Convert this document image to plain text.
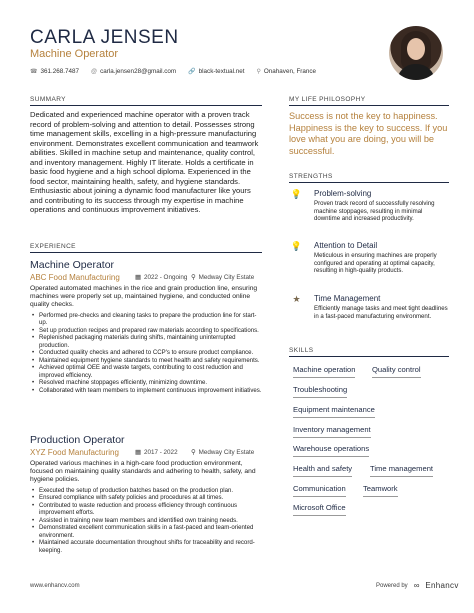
CARLA JENSEN
Machine Operator
☎ 361.268.7487 @ carla.jensen28@gmail.com 🔗 black-textual.net ⚲ Onahaven, France
SUMMARY
Dedicated and experienced machine operator with a proven track record of problem-solving and attention to detail. Possesses strong time management skills, excelling in a high-pressure manufacturing environment. Demonstrates excellent communication and teamwork abilities. Skilled in machine setup and maintenance, quality control, and inventory management. Highly IT literate. Holds a certificate in basic food hygiene and a high school diploma. Experienced in the food sector, maintaining health, safety, and hygiene standards. Enthusiastic about joining a dynamic food manufacturer like yours and contributing to its success through my expertise in machine operations and continuous improvement initiatives.
EXPERIENCE
Machine Operator
ABC Food Manufacturing	▦ 2022 - Ongoing ⚲ Medway City Estate
Operated automated machines in the rice and grain production line, ensuring machines were properly set up, maintained hygiene, and conducted online quality checks.
• Performed pre-checks and cleaning tasks to prepare the production line for start-up.
• Set up production recipes and prepared raw materials according to specifications.
• Replenished packaging materials during shifts, maintaining uninterrupted production.
• Conducted quality checks and adhered to CCP's to ensure product compliance.
• Maintained equipment hygiene standards to meet health and safety requirements.
• Achieved optimal OEE and waste targets, contributing to cost reduction and improved efficiency.
• Resolved machine stoppages efficiently, minimizing downtime.
• Collaborated with team members to implement continuous improvement initiatives.
Production Operator
XYZ Food Manufacturing	▦ 2017 - 2022 ⚲ Medway City Estate
Operated various machines in a high-care food production environment, focused on maintaining quality standards and adhering to health, safety, and hygiene policies.
• Executed the setup of production batches based on the production plan.
• Ensured compliance with safety policies and procedures at all times.
• Contributed to waste reduction and process efficiency through continuous improvement efforts.
• Assisted in training new team members and identified own training needs.
• Demonstrated excellent communication skills in a fast-paced and team-oriented environment.
• Maintained accurate documentation throughout shifts for traceability and record-keeping.
MY LIFE PHILOSOPHY
Success is not the key to happiness. Happiness is the key to success. If you love what you are doing, you will be successful.
STRENGTHS
💡 Problem-solving
Proven track record of successfully resolving machine stoppages, resulting in minimal downtime and increased productivity.
💡 Attention to Detail
Meticulous in ensuring machines are properly configured and operating at optimal capacity, resulting in high-quality products.
★	Time Management
Efficiently manage tasks and meet tight deadlines in a fast-paced manufacturing environment.
SKILLS
Machine operation Quality control
Troubleshooting
Equipment maintenance
Inventory management
Warehouse operations
Health and safety Time management
Communication Teamwork
Microsoft Office
www.enhancv.com	Powered by ∞ Enhancv
